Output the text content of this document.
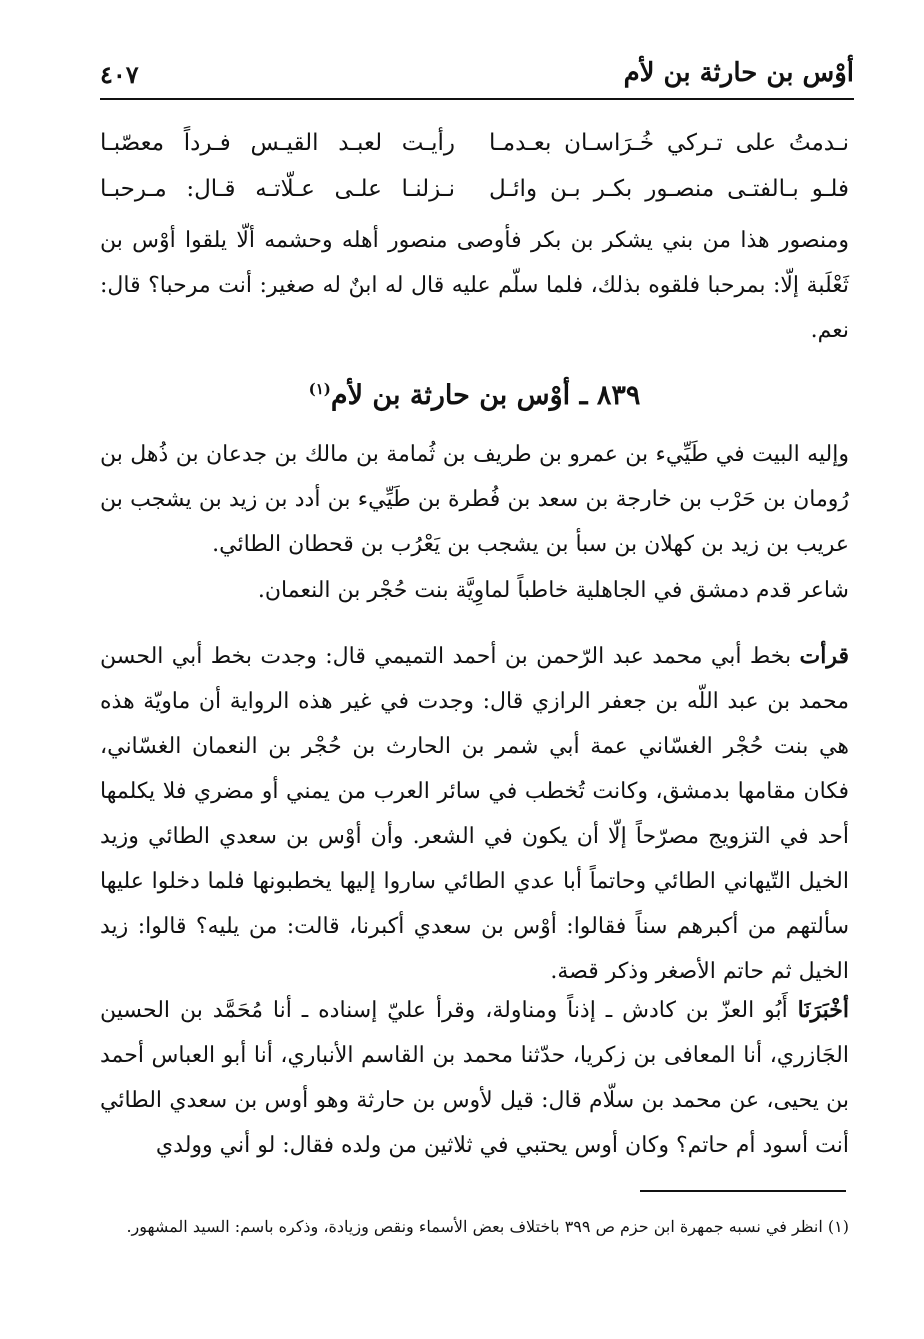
أوْس بن حارثة بن لأم
٤٠٧
نـدمتُ على تـركي خُـرَاسـان بعـدمـا
رأيـت لعبـد القيـس فـرداً معصّبـا
فلـو بـالفتـى منصـور بكـر بـن وائـل
نـزلنـا علـى عـلّاتـه قـال: مـرحبـا
ومنصور هذا من بني يشكر بن بكر فأوصى منصور أهله وحشمه ألّا يلقوا أوْس بن ثَعْلَبة إلّا: بمرحبا فلقوه بذلك، فلما سلّم عليه قال له ابنٌ له صغير: أنت مرحبا؟ قال: نعم.
٨٣٩ ـ أوْس بن حارثة بن لأم$^{(١)}$
وإليه البيت في طَيِّيء بن عمرو بن طريف بن ثُمامة بن مالك بن جدعان بن ذُهل بن رُومان بن حَرْب بن خارجة بن سعد بن فُطرة بن طَيِّيء بن أدد بن زيد بن يشجب بن عريب بن زيد بن كهلان بن سبأ بن يشجب بن يَعْرُب بن قحطان الطائي.
شاعر قدم دمشق في الجاهلية خاطباً لماوِيَّة بنت حُجْر بن النعمان.
قرأت بخط أبي محمد عبد الرّحمن بن أحمد التميمي قال: وجدت بخط أبي الحسن محمد بن عبد اللّه بن جعفر الرازي قال: وجدت في غير هذه الرواية أن ماويّة هذه هي بنت حُجْر الغسّاني عمة أبي شمر بن الحارث بن حُجْر بن النعمان الغسّاني، فكان مقامها بدمشق، وكانت تُخطب في سائر العرب من يمني أو مضري فلا يكلمها أحد في التزويج مصرّحاً إلّا أن يكون في الشعر. وأن أوْس بن سعدي الطائي وزيد الخيل التّيهاني الطائي وحاتماً أبا عدي الطائي ساروا إليها يخطبونها فلما دخلوا عليها سألتهم من أكبرهم سناً فقالوا: أوْس بن سعدي أكبرنا، قالت: من يليه؟ قالوا: زيد الخيل ثم حاتم الأصغر وذكر قصة.
أخْبَرَنَا أَبُو العزّ بن كادش ـ إذناً ومناولة، وقرأ عليّ إسناده ـ أنا مُحَمَّد بن الحسين الجَازري، أنا المعافى بن زكريا، حدّثنا محمد بن القاسم الأنباري، أنا أبو العباس أحمد بن يحيى، عن محمد بن سلّام قال: قيل لأوس بن حارثة وهو أوس بن سعدي الطائي أنت أسود أم حاتم؟ وكان أوس يحتبي في ثلاثين من ولده فقال: لو أني وولدي
(١) انظر في نسبه جمهرة ابن حزم ص ٣٩٩ باختلاف بعض الأسماء ونقص وزيادة، وذكره باسم: السيد المشهور.
